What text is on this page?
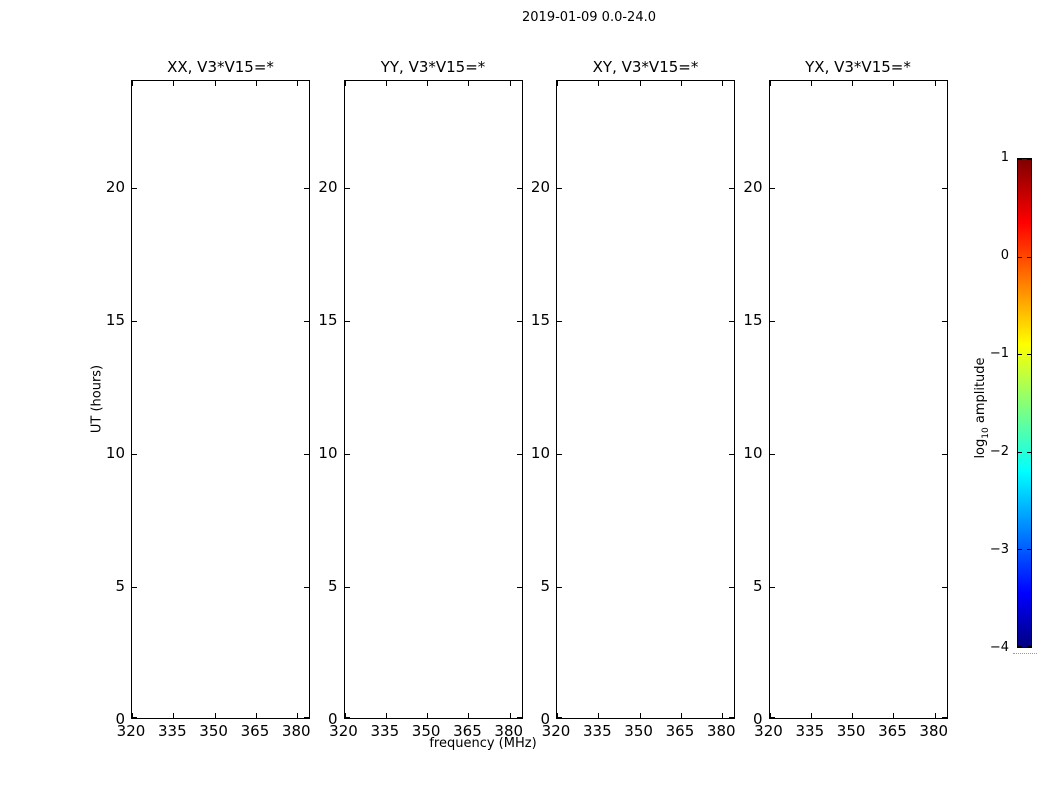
2019-01-09 0.0-24.0
UT (hours)
XX, V3*V15=*	YY, V3*V15=*	XY, V3*V15=*	YX, V3*V15=*
frequency (MHz)
$\log_{10}$ amplitude
320 335 350 365 380
0
5
10
15
20
320 335 350 365 380
0
5
10
15
20
320 335 350 365 380
0
5
10
15
20
320 335 350 365 380
0
5
10
15
20
1
0
−1
−2
−3
−4
